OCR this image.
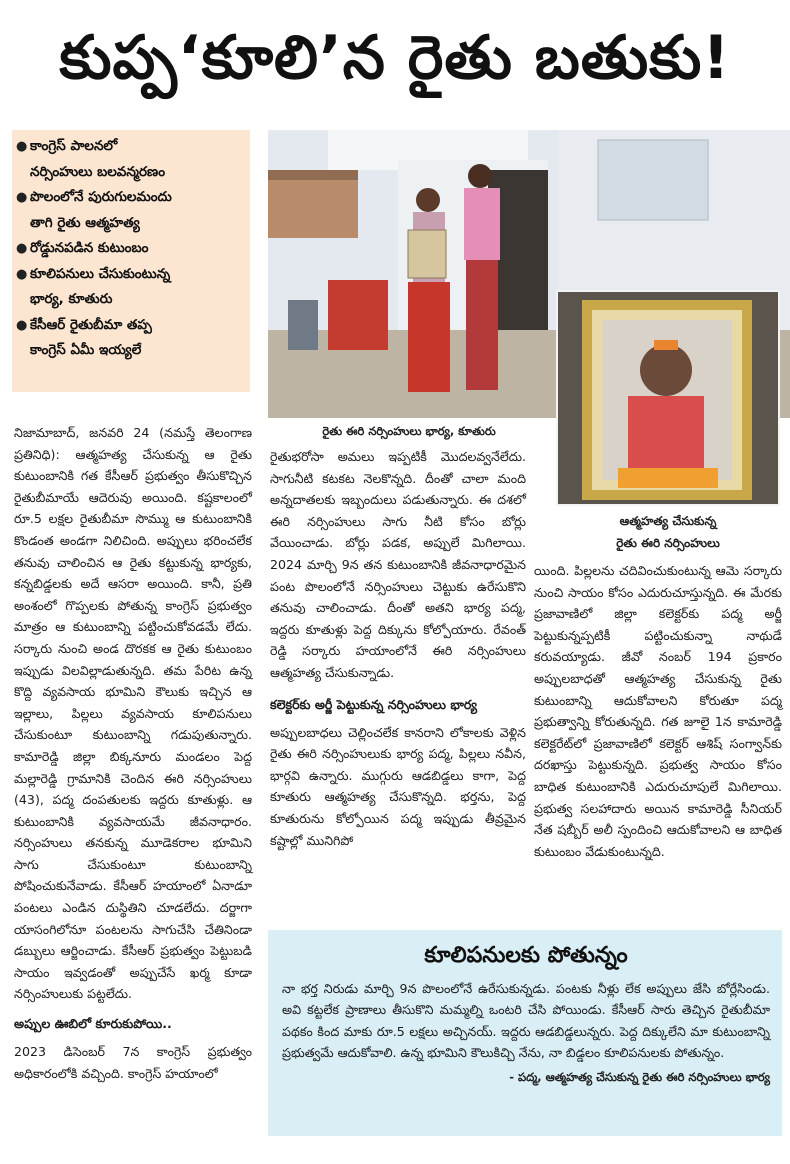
కుప్ప‘కూలి’న రైతు బతుకు!
● కాంగ్రెస్‌ పాలనలో
నర్సింహులు బలవన్మరణం
● పొలంలోనే పురుగులమందు
తాగి రైతు ఆత్మహత్య
● రోడ్డునపడిన కుటుంబం
● కూలిపనులు చేసుకుంటున్న
భార్య, కూతురు
● కేసీఆర్‌ రైతుబీమా తప్ప
కాంగ్రెస్‌ ఏమీ ఇయ్యలే
రైతు ఈరి నర్సింహులు భార్య, కూతురు
ఆత్మహత్య చేసుకున్న
రైతు ఈరి నర్సింహులు

నిజామాబాద్‌, జనవరి 24 (నమస్తే తెలంగాణ ప్రతినిధి): ఆత్మహత్య చేసుకున్న ఆ రైతు కుటుంబానికి గత కేసీఆర్‌ ప్రభుత్వం తీసుకొచ్చిన రైతుబీమాయే ఆదెరువు అయింది. కష్టకాలంలో రూ.5 లక్షల రైతుబీమా సొమ్ము ఆ కుటుంబానికి కొండంత అండగా నిలిచింది. అప్పులు భరించలేక తనువు చాలించిన ఆ రైతు కట్టుకున్న భార్యకు, కన్నబిడ్డలకు అదే ఆసరా అయింది. కానీ, ప్రతి అంశంలో గొప్పలకు పోతున్న కాంగ్రెస్‌ ప్రభుత్వం మాత్రం ఆ కుటుంబాన్ని పట్టించుకోవడమే లేదు. సర్కారు నుంచి అండ దొరకక ఆ రైతు కుటుంబం ఇప్పుడు విలవిల్లాడుతున్నది. తమ పేరిట ఉన్న కొద్ది వ్యవసాయ భూమిని కౌలుకు ఇచ్చిన ఆ ఇల్లాలు, పిల్లలు వ్యవసాయ కూలిపనులు చేసుకుంటూ కుటుంబాన్ని గడుపుతున్నారు. కామారెడ్డి జిల్లా బిక్కనూరు మండలం పెద్ద మల్లారెడ్డి గ్రామానికి చెందిన ఈరి నర్సింహులు (43), పద్మ దంపతులకు ఇద్దరు కూతుళ్లు. ఆ కుటుంబానికి వ్యవసాయమే జీవనాధారం. నర్సింహులు తనకున్న మూడెకరాల భూమిని సాగు చేసుకుంటూ కుటుంబాన్ని పోషించుకునేవాడు. కేసీఆర్‌ హయాంలో ఏనాడూ పంటలు ఎండిన దుస్థితిని చూడలేదు. దర్జాగా యాసంగిలోనూ పంటలను సాగుచేసి చేతినిండా డబ్బులు ఆర్జించాడు. కేసీఆర్‌ ప్రభుత్వం పెట్టుబడి సాయం ఇవ్వడంతో అప్పుచేసే ఖర్మ కూడా నర్సింహులుకు పట్టలేదు.

అప్పుల ఊబిలో కూరుకుపోయి..

2023 డిసెంబర్‌ 7న కాంగ్రెస్‌ ప్రభుత్వం అధికారంలోకి వచ్చింది. కాంగ్రెస్‌ హయాంలో

రైతుభరోసా అమలు ఇప్పటికీ మొదలవ్వనేలేదు. సాగునీటి కటకట నెలకొన్నది. దీంతో చాలా మంది అన్నదాతలకు ఇబ్బందులు పడుతున్నారు. ఈ దశలో ఈరి నర్సింహులు సాగు నీటి కోసం బోర్లు వేయించాడు. బోర్లు పడక, అప్పులే మిగిలాయి. 2024 మార్చి 9న తన కుటుంబానికి జీవనాధారమైన పంట పొలంలోనే నర్సింహులు చెట్టుకు ఉరేసుకొని తనువు చాలించాడు. దీంతో అతని భార్య పద్మ, ఇద్దరు కూతుళ్లు పెద్ద దిక్కును కోల్పోయారు. రేవంత్‌ రెడ్డి సర్కారు హయాంలోనే ఈరి నర్సింహులు ఆత్మహత్య చేసుకున్నాడు.

కలెక్టర్‌కు అర్జీ పెట్టుకున్న నర్సింహులు భార్య

అప్పులబాధలు చెల్లించలేక కానరాని లోకాలకు వెళ్లిన రైతు ఈరి నర్సింహులుకు భార్య పద్మ, పిల్లలు నవీన, భార్గవి ఉన్నారు. ముగ్గురు ఆడబిడ్డలు కాగా, పెద్ద కూతురు ఆత్మహత్య చేసుకొన్నది. భర్తను, పెద్ద కూతురును కోల్పోయిన పద్మ ఇప్పుడు తీవ్రమైన కష్టాల్లో మునిగిపో

యింది. పిల్లలను చదివించుకుంటున్న ఆమె సర్కారు నుంచి సాయం కోసం ఎదురుచూస్తున్నది. ఈ మేరకు ప్రజావాణిలో జిల్లా కలెక్టర్‌కు పద్మ అర్జీ పెట్టుకున్నప్పటికీ పట్టించుకున్నా నాథుడే కరువయ్యాడు. జీవో నంబర్‌ 194 ప్రకారం అప్పులబాధతో ఆత్మహత్య చేసుకున్న రైతు కుటుంబాన్ని ఆదుకోవాలని కోరుతూ పద్మ ప్రభుత్వాన్ని కోరుతున్నది. గత జూలై 1న కామారెడ్డి కలెక్టరేట్‌లో ప్రజావాణిలో కలెక్టర్‌ ఆశిష్‌ సంగ్వాన్‌కు దరఖాస్తు పెట్టుకున్నది. ప్రభుత్వ సాయం కోసం బాధిత కుటుంబానికి ఎదురుచూపులే మిగిలాయి. ప్రభుత్వ సలహాదారు అయిన కామారెడ్డి సీనియర్‌ నేత షబ్బీర్‌ అలీ స్పందించి ఆదుకోవాలని ఆ బాధిత కుటుంబం వేడుకుంటున్నది.

కూలిపనులకు పోతున్నం
నా భర్త నిరుడు మార్చి 9న పొలంలోనే ఉరేసుకున్నడు. పంటకు నీళ్లు లేక అప్పులు జేసి బోర్లేసిండు. అవి కట్టలేక ప్రాణాలు తీసుకొని మమ్మల్ని ఒంటరి చేసి పోయిండు. కేసీఆర్‌ సారు తెచ్చిన రైతుబీమా పథకం కింద మాకు రూ.5 లక్షలు అచ్చినయ్‌. ఇద్దరు ఆడబిడ్డలున్నరు. పెద్ద దిక్కులేని మా కుటుంబాన్ని ప్రభుత్వమే ఆదుకోవాలి. ఉన్న భూమిని కౌలుకిచ్చి నేను, నా బిడ్డలం కూలిపనులకు పోతున్నం.
- పద్మ, ఆత్మహత్య చేసుకున్న రైతు ఈరి నర్సింహులు భార్య
